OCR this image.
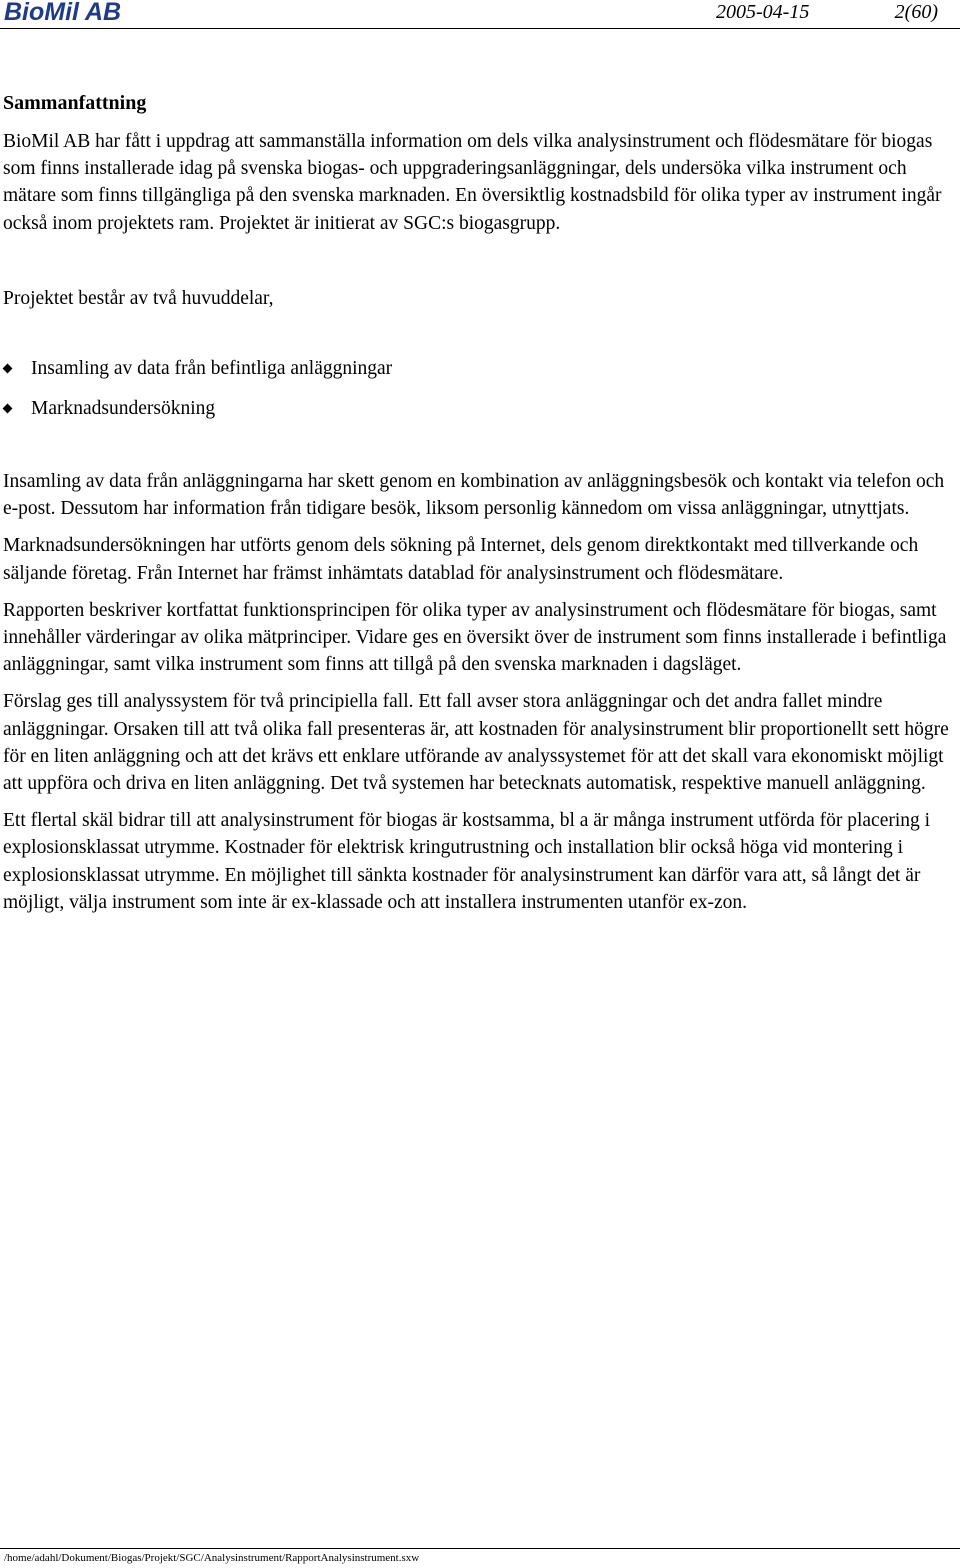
BioMil AB	2005-04-15	2(60)
Sammanfattning

BioMil AB har fått i uppdrag att sammanställa information om dels vilka analysinstrument och flödesmätare för biogas som finns installerade idag på svenska biogas- och uppgraderingsanläggningar, dels undersöka vilka instrument och mätare som finns tillgängliga på den svenska marknaden. En översiktlig kostnadsbild för olika typer av instrument ingår också inom projektets ram. Projektet är initierat av SGC:s biogasgrupp.

Projektet består av två huvuddelar,

Insamling av data från befintliga anläggningar
Marknadsundersökning

Insamling av data från anläggningarna har skett genom en kombination av anläggningsbesök och kontakt via telefon och e-post. Dessutom har information från tidigare besök, liksom personlig kännedom om vissa anläggningar, utnyttjats.

Marknadsundersökningen har utförts genom dels sökning på Internet, dels genom direktkontakt med tillverkande och säljande företag. Från Internet har främst inhämtats datablad för analysinstrument och flödesmätare.

Rapporten beskriver kortfattat funktionsprincipen för olika typer av analysinstrument och flödesmätare för biogas, samt innehåller värderingar av olika mätprinciper. Vidare ges en översikt över de instrument som finns installerade i befintliga anläggningar, samt vilka instrument som finns att tillgå på den svenska marknaden i dagsläget.

Förslag ges till analyssystem för två principiella fall. Ett fall avser stora anläggningar och det andra fallet mindre anläggningar. Orsaken till att två olika fall presenteras är, att kostnaden för analysinstrument blir proportionellt sett högre för en liten anläggning och att det krävs ett enklare utförande av analyssystemet för att det skall vara ekonomiskt möjligt att uppföra och driva en liten anläggning. Det två systemen har betecknats automatisk, respektive manuell anläggning.

Ett flertal skäl bidrar till att analysinstrument för biogas är kostsamma, bl a är många instrument utförda för placering i explosionsklassat utrymme. Kostnader för elektrisk kringutrustning och installation blir också höga vid montering i explosionsklassat utrymme. En möjlighet till sänkta kostnader för analysinstrument kan därför vara att, så långt det är möjligt, välja instrument som inte är ex-klassade och att installera instrumenten utanför ex-zon.

/home/adahl/Dokument/Biogas/Projekt/SGC/Analysinstrument/RapportAnalysinstrument.sxw
